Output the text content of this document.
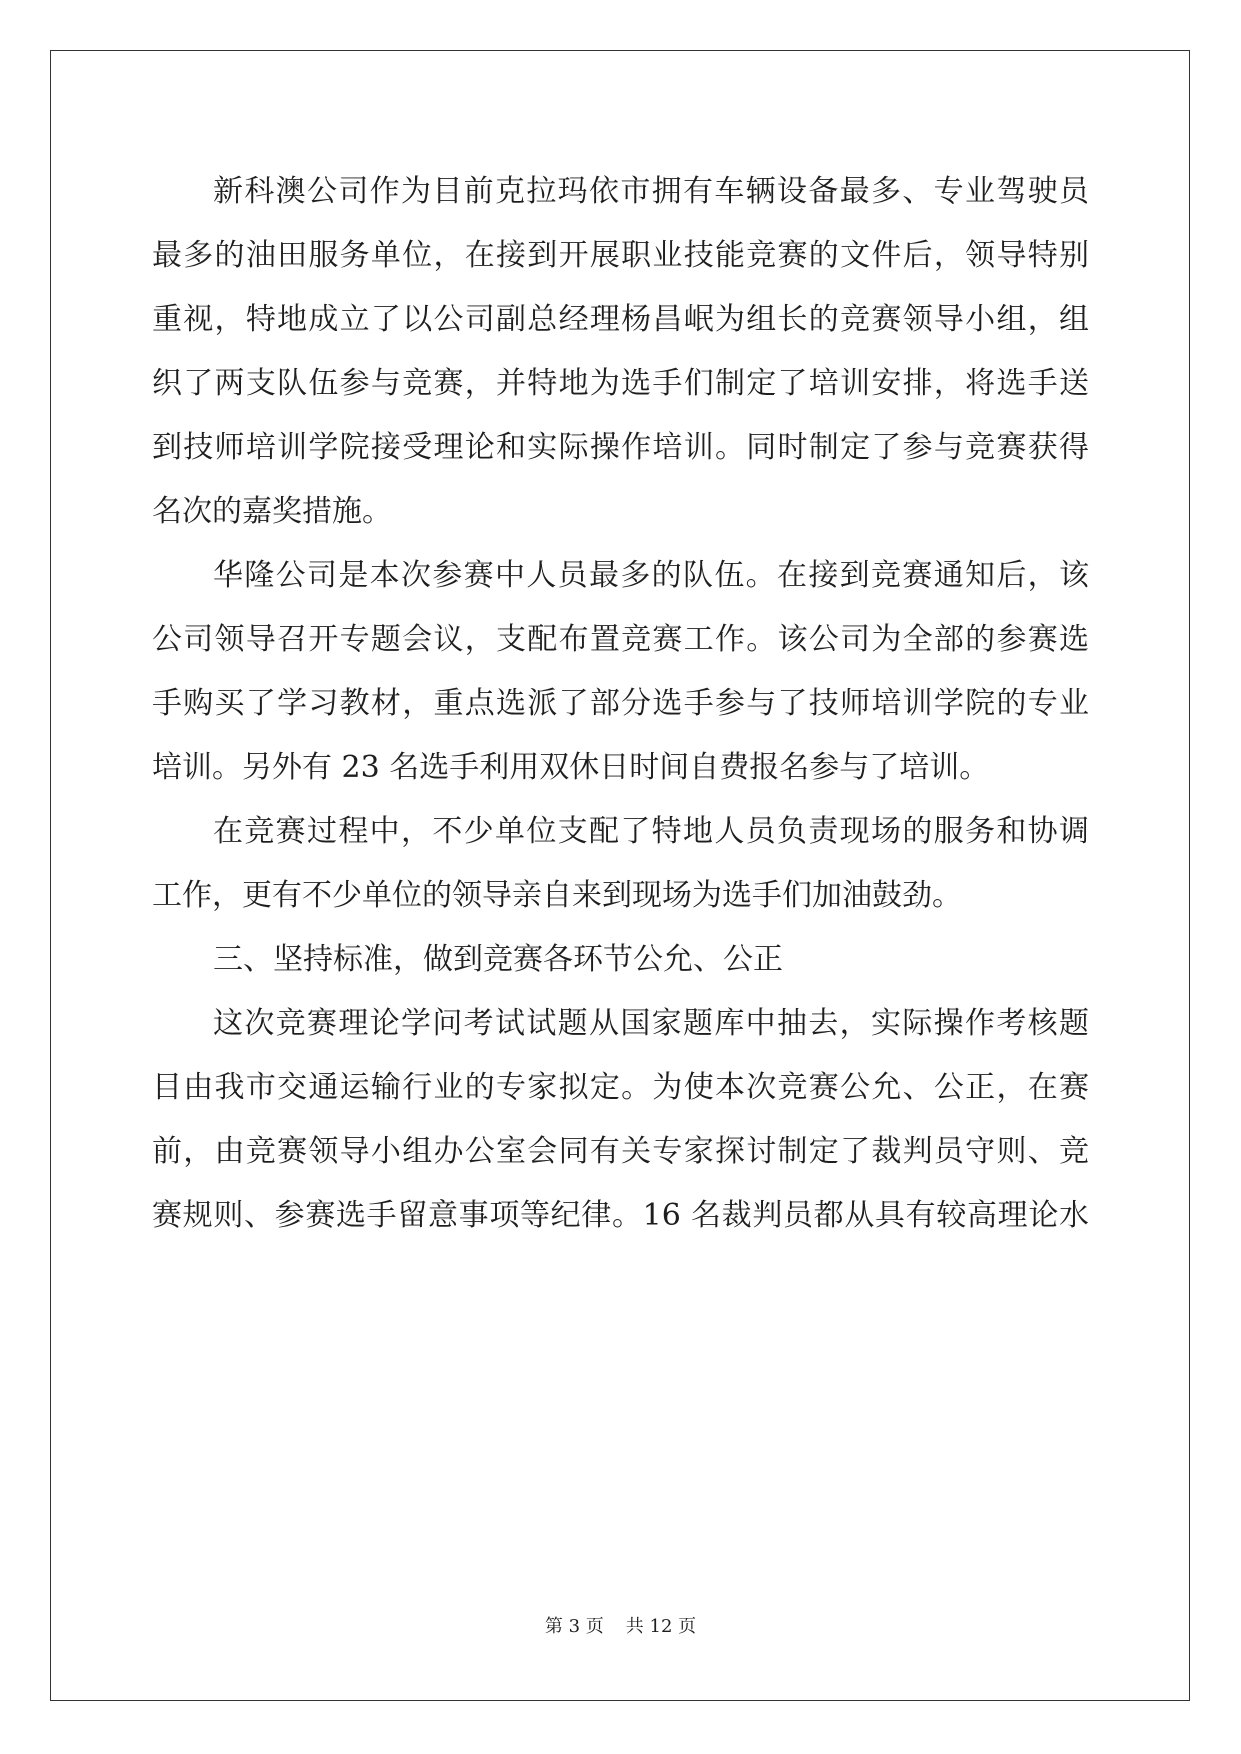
新科澳公司作为目前克拉玛依市拥有车辆设备最多、专业驾驶员
最多的油田服务单位，在接到开展职业技能竞赛的文件后，领导特别
重视，特地成立了以公司副总经理杨昌岷为组长的竞赛领导小组，组
织了两支队伍参与竞赛，并特地为选手们制定了培训安排，将选手送
到技师培训学院接受理论和实际操作培训。同时制定了参与竞赛获得
名次的嘉奖措施。
华隆公司是本次参赛中人员最多的队伍。在接到竞赛通知后，该
公司领导召开专题会议，支配布置竞赛工作。该公司为全部的参赛选
手购买了学习教材，重点选派了部分选手参与了技师培训学院的专业
培训。另外有 23 名选手利用双休日时间自费报名参与了培训。
在竞赛过程中，不少单位支配了特地人员负责现场的服务和协调
工作，更有不少单位的领导亲自来到现场为选手们加油鼓劲。
三、坚持标准，做到竞赛各环节公允、公正
这次竞赛理论学问考试试题从国家题库中抽去，实际操作考核题
目由我市交通运输行业的专家拟定。为使本次竞赛公允、公正，在赛
前，由竞赛领导小组办公室会同有关专家探讨制定了裁判员守则、竞
赛规则、参赛选手留意事项等纪律。16 名裁判员都从具有较高理论水
第 3 页 共 12 页
